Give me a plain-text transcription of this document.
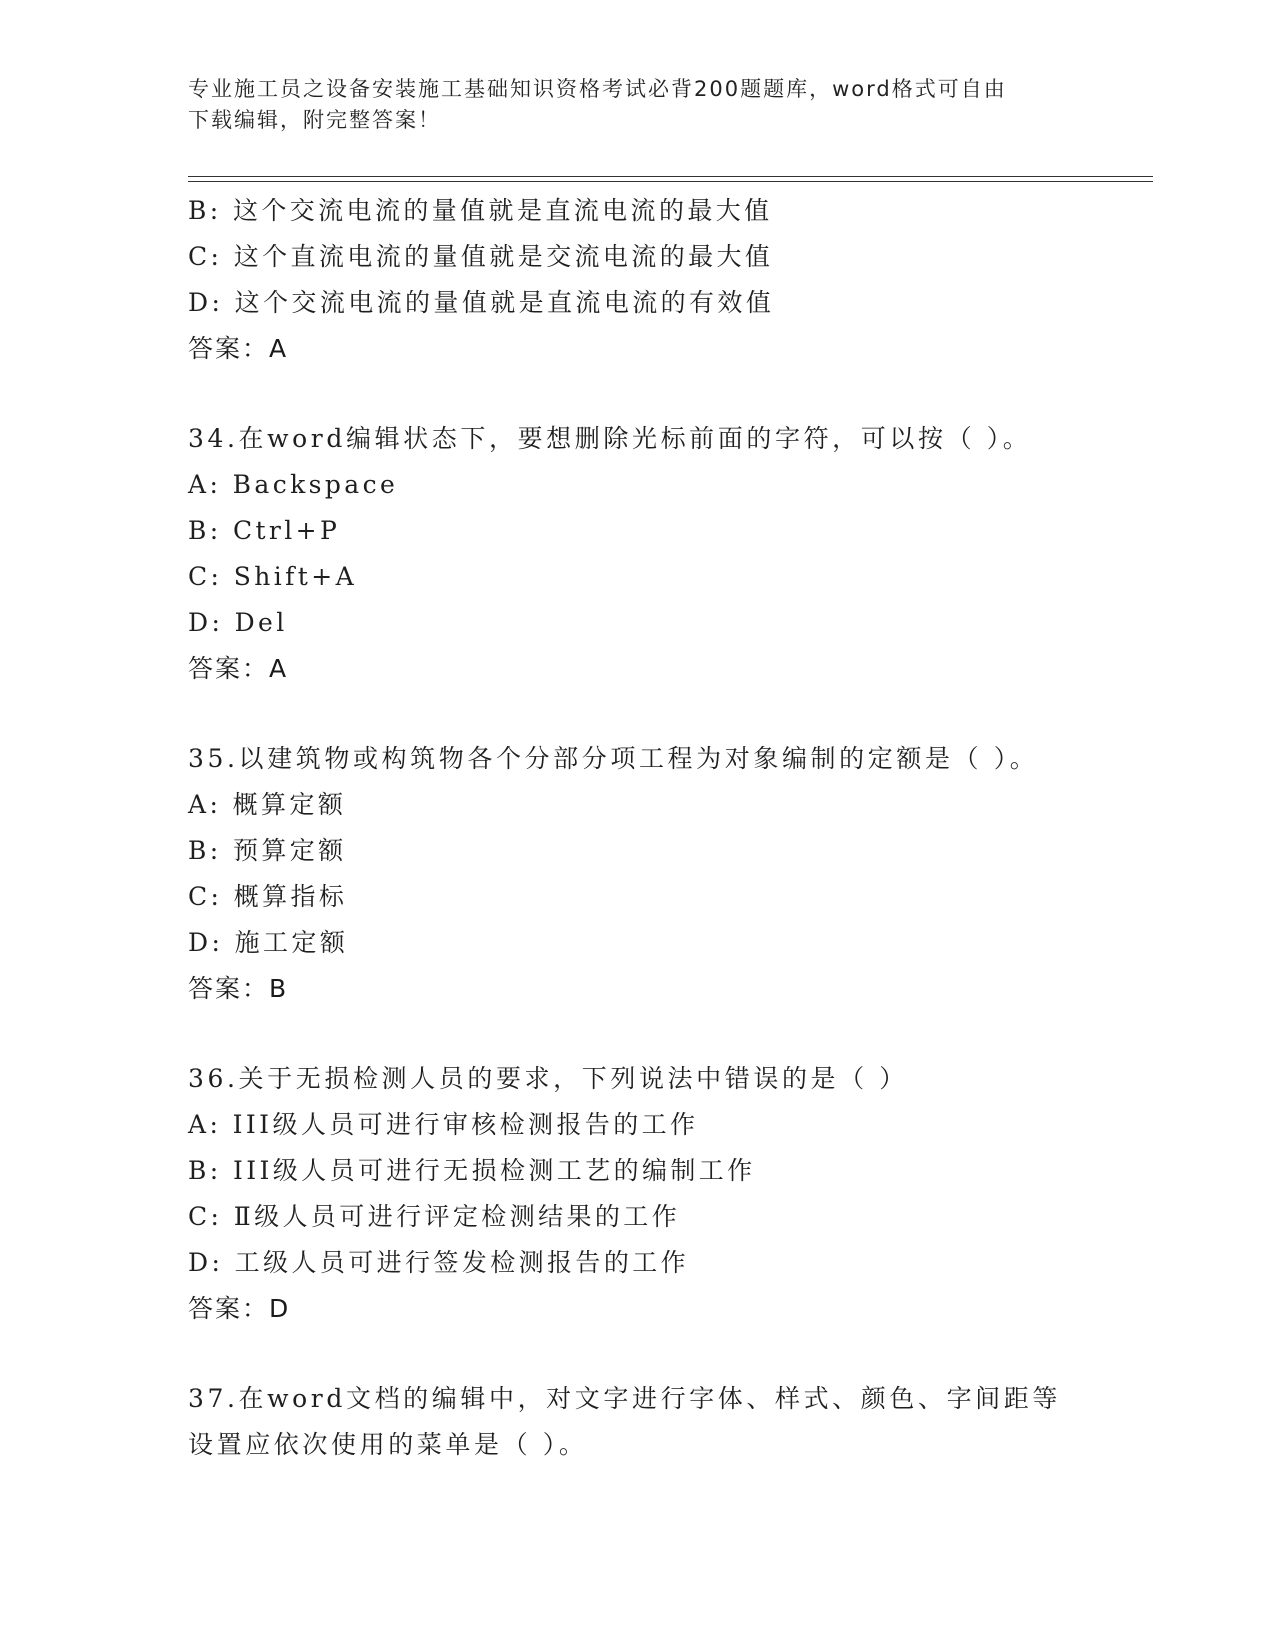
专业施工员之设备安装施工基础知识资格考试必背200题题库，word格式可自由
下载编辑，附完整答案！
B: 这个交流电流的量值就是直流电流的最大值
C: 这个直流电流的量值就是交流电流的最大值
D: 这个交流电流的量值就是直流电流的有效值
答案：A
34.在word编辑状态下，要想删除光标前面的字符，可以按（ ）。
A: Backspace
B: Ctrl+P
C: Shift+A
D: Del
答案：A
35.以建筑物或构筑物各个分部分项工程为对象编制的定额是（ ）。
A: 概算定额
B: 预算定额
C: 概算指标
D: 施工定额
答案：B
36.关于无损检测人员的要求，下列说法中错误的是（ ）
A: III级人员可进行审核检测报告的工作
B: III级人员可进行无损检测工艺的编制工作
C: Ⅱ级人员可进行评定检测结果的工作
D: 工级人员可进行签发检测报告的工作
答案：D
37.在word文档的编辑中，对文字进行字体、样式、颜色、字间距等
设置应依次使用的菜单是（ ）。
